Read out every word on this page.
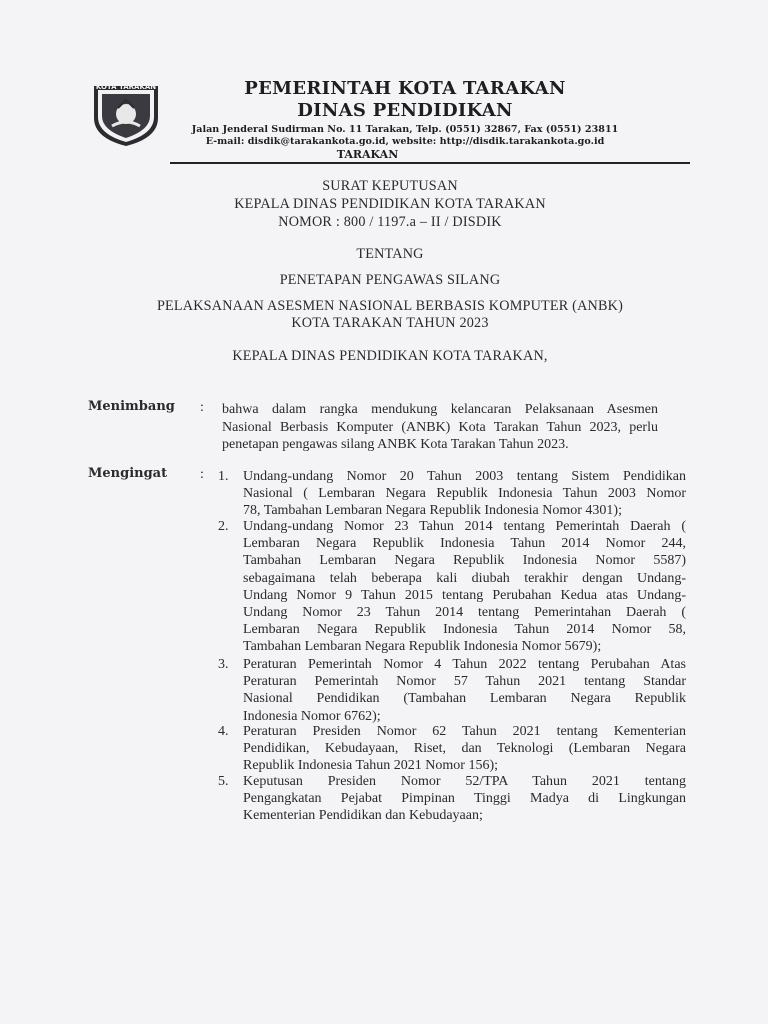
KOTA TARAKAN	PEMERINTAH KOTA TARAKAN
DINAS PENDIDIKAN
Jalan Jenderal Sudirman No. 11 Tarakan, Telp. (0551) 32867, Fax (0551) 23811
E-mail: disdik@tarakankota.go.id, website: http://disdik.tarakankota.go.id
TARAKAN
SURAT KEPUTUSAN
KEPALA DINAS PENDIDIKAN KOTA TARAKAN
NOMOR : 800 / 1197.a – II / DISDIK
TENTANG
PENETAPAN PENGAWAS SILANG
PELAKSANAAN ASESMEN NASIONAL BERBASIS KOMPUTER (ANBK)
KOTA TARAKAN TAHUN 2023
KEPALA DINAS PENDIDIKAN KOTA TARAKAN,
Menimbang : bahwa dalam rangka mendukung kelancaran Pelaksanaan Asesmen
Nasional Berbasis Komputer (ANBK) Kota Tarakan Tahun 2023, perlu
penetapan pengawas silang ANBK Kota Tarakan Tahun 2023.
Mengingat : 1.	Undang-undang Nomor 20 Tahun 2003 tentang Sistem Pendidikan
Nasional ( Lembaran Negara Republik Indonesia Tahun 2003 Nomor
78, Tambahan Lembaran Negara Republik Indonesia Nomor 4301);
2.	Undang-undang Nomor 23 Tahun 2014 tentang Pemerintah Daerah (
Lembaran Negara Republik Indonesia Tahun 2014 Nomor 244,
Tambahan Lembaran Negara Republik Indonesia Nomor 5587)
sebagaimana telah beberapa kali diubah terakhir dengan Undang-
Undang Nomor 9 Tahun 2015 tentang Perubahan Kedua atas Undang-
Undang Nomor 23 Tahun 2014 tentang Pemerintahan Daerah (
Lembaran Negara Republik Indonesia Tahun 2014 Nomor 58,
Tambahan Lembaran Negara Republik Indonesia Nomor 5679);
3.	Peraturan Pemerintah Nomor 4 Tahun 2022 tentang Perubahan Atas
Peraturan Pemerintah Nomor 57 Tahun 2021 tentang Standar
Nasional Pendidikan (Tambahan Lembaran Negara Republik
Indonesia Nomor 6762);
4.	Peraturan Presiden Nomor 62 Tahun 2021 tentang Kementerian
Pendidikan, Kebudayaan, Riset, dan Teknologi (Lembaran Negara
Republik Indonesia Tahun 2021 Nomor 156);
5.	Keputusan Presiden Nomor 52/TPA Tahun 2021 tentang
Pengangkatan Pejabat Pimpinan Tinggi Madya di Lingkungan
Kementerian Pendidikan dan Kebudayaan;
